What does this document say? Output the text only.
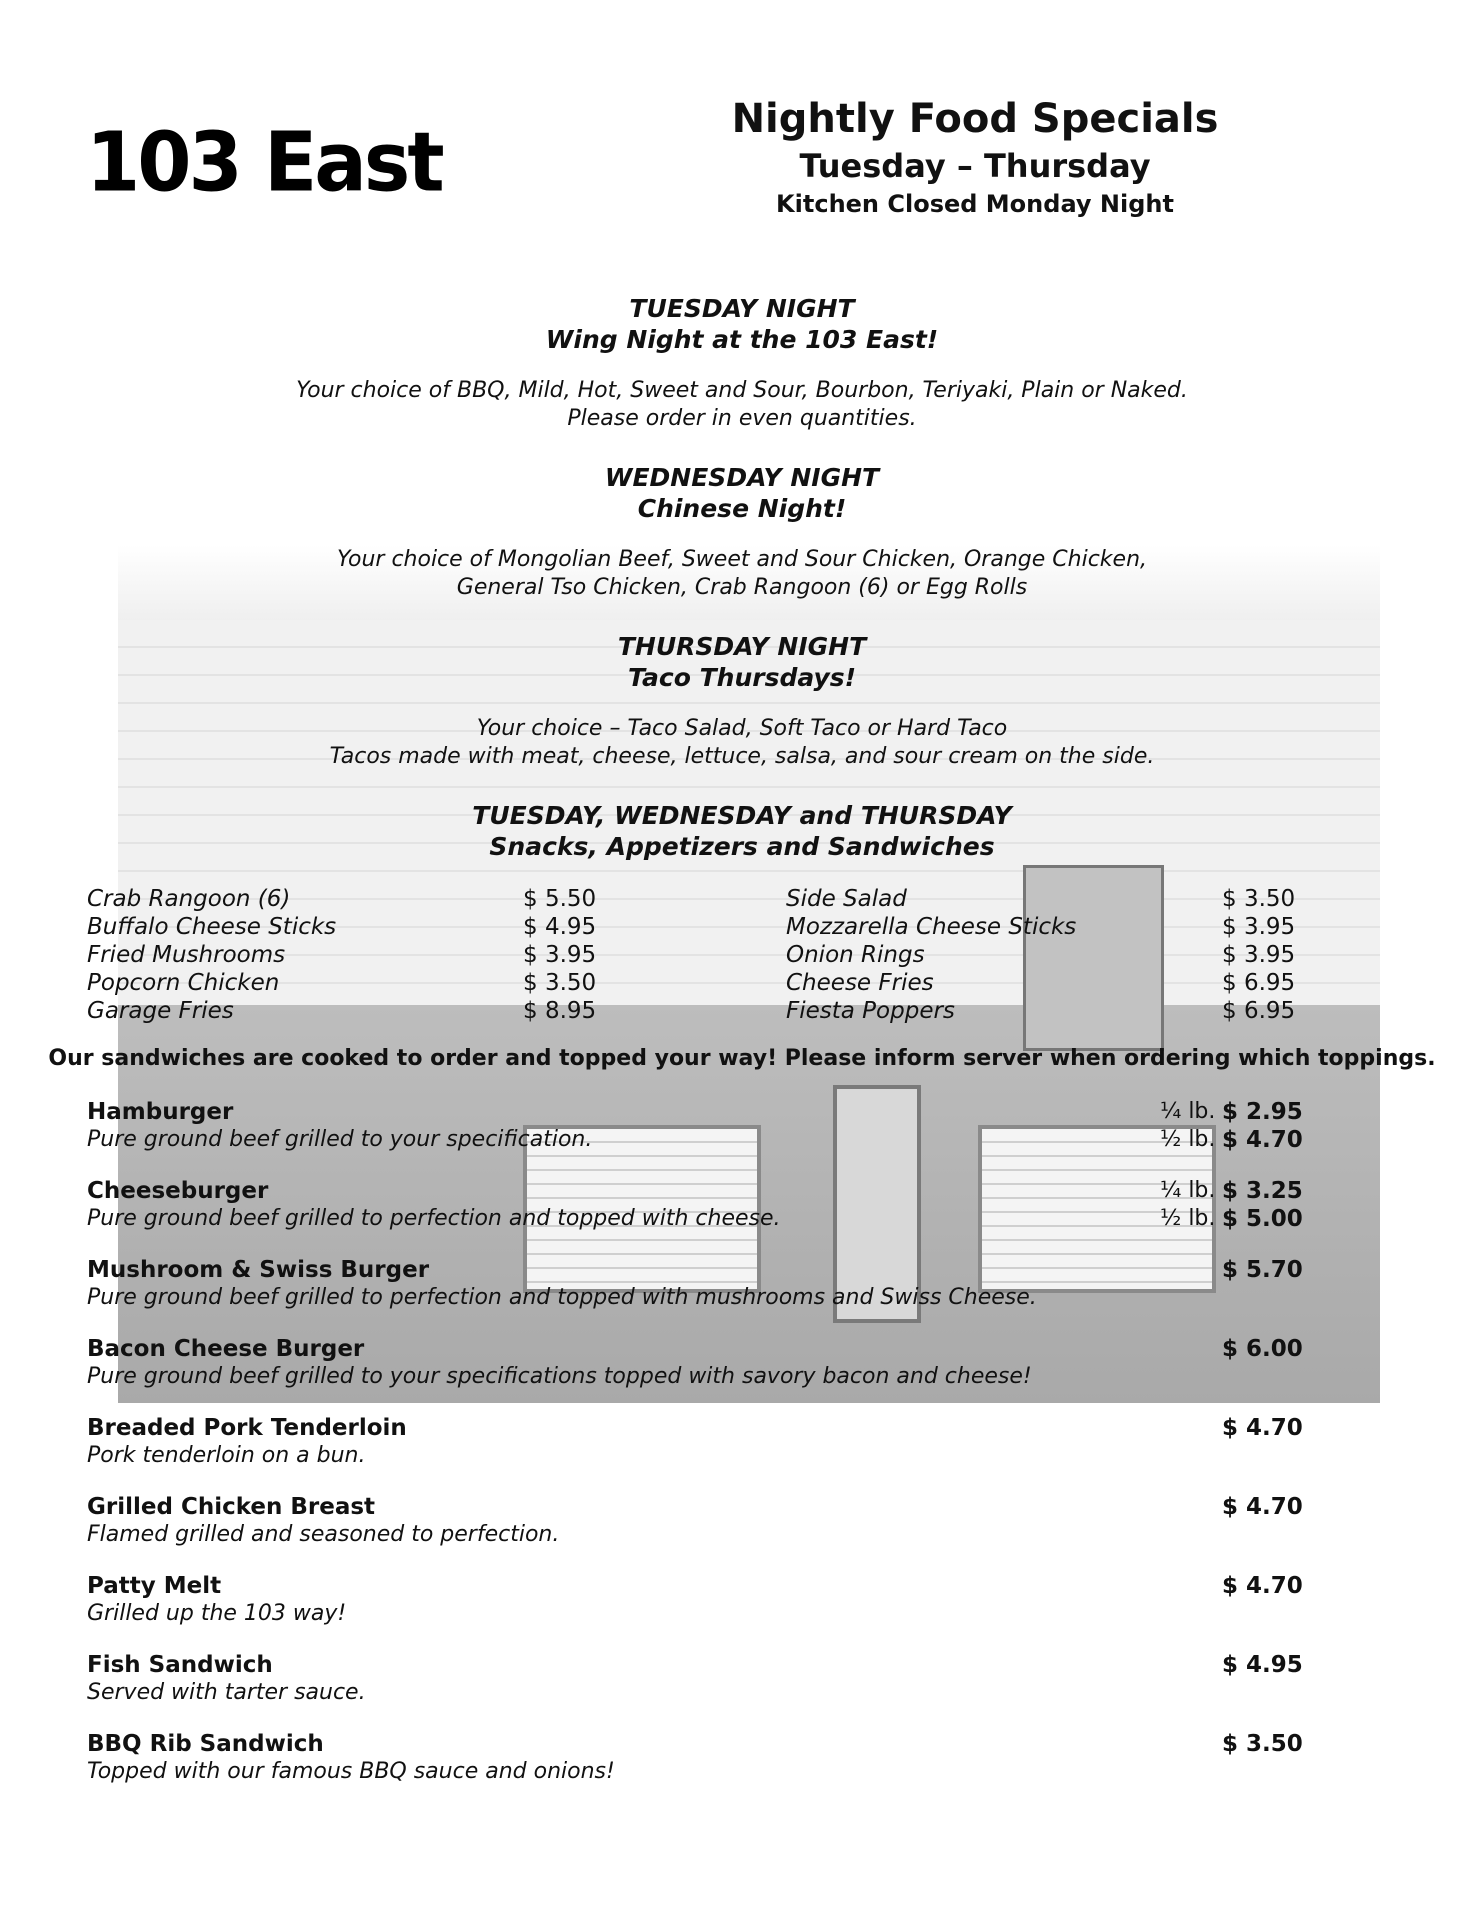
103 East	Nightly Food Specials
Tuesday – Thursday
Kitchen Closed Monday Night
TUESDAY NIGHT
Wing Night at the 103 East!
Your choice of BBQ, Mild, Hot, Sweet and Sour, Bourbon, Teriyaki, Plain or Naked.
Please order in even quantities.
WEDNESDAY NIGHT
Chinese Night!
Your choice of Mongolian Beef, Sweet and Sour Chicken, Orange Chicken,
General Tso Chicken, Crab Rangoon (6) or Egg Rolls
THURSDAY NIGHT
Taco Thursdays!
Your choice – Taco Salad, Soft Taco or Hard Taco
Tacos made with meat, cheese, lettuce, salsa, and sour cream on the side.
TUESDAY, WEDNESDAY and THURSDAY
Snacks, Appetizers and Sandwiches
Crab Rangoon (6)	$ 5.50
Buffalo Cheese Sticks	$ 4.95
Fried Mushrooms	$ 3.95
Popcorn Chicken	$ 3.50
Garage Fries	$ 8.95
Side Salad	$ 3.50
Mozzarella Cheese Sticks	$ 3.95
Onion Rings	$ 3.95
Cheese Fries	$ 6.95
Fiesta Poppers	$ 6.95
Our sandwiches are cooked to order and topped your way! Please inform server when ordering which toppings.
Hamburger
Pure ground beef grilled to your specification.
¼ lb. $ 2.95
½ lb. $ 4.70
Cheeseburger
Pure ground beef grilled to perfection and topped with cheese.
¼ lb. $ 3.25
½ lb. $ 5.00
Mushroom & Swiss Burger
Pure ground beef grilled to perfection and topped with mushrooms and Swiss Cheese.
$ 5.70
Bacon Cheese Burger
Pure ground beef grilled to your specifications topped with savory bacon and cheese!
$ 6.00
Breaded Pork Tenderloin
Pork tenderloin on a bun.
$ 4.70
Grilled Chicken Breast
Flamed grilled and seasoned to perfection.
$ 4.70
Patty Melt
Grilled up the 103 way!
$ 4.70
Fish Sandwich
Served with tarter sauce.
$ 4.95
BBQ Rib Sandwich
Topped with our famous BBQ sauce and onions!
$ 3.50
